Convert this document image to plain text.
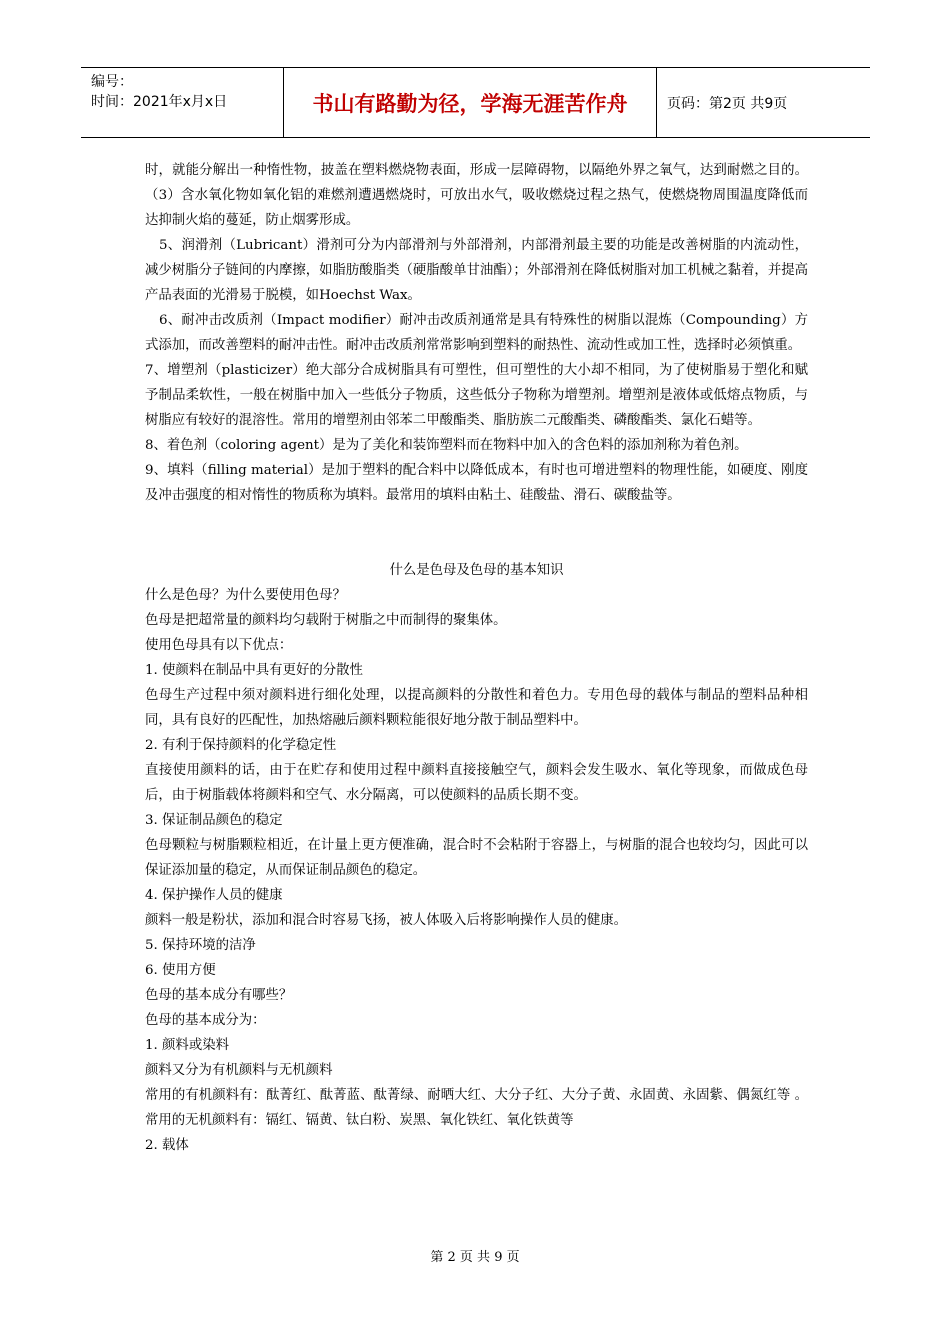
编号：
时间：2021年x月x日	书山有路勤为径，学海无涯苦作舟	页码：第2页 共9页

时，就能分解出一种惰性物，披盖在塑料燃烧物表面，形成一层障碍物，以隔绝外界之氧气，达到耐燃之目的。（3）含水氧化物如氧化铝的难燃剂遭遇燃烧时，可放出水气，吸收燃烧过程之热气，使燃烧物周围温度降低而达抑制火焰的蔓延，防止烟雾形成。

5、润滑剂（Lubricant）滑剂可分为内部滑剂与外部滑剂，内部滑剂最主要的功能是改善树脂的内流动性，减少树脂分子链间的内摩擦，如脂肪酸脂类（硬脂酸单甘油酯）；外部滑剂在降低树脂对加工机械之黏着，并提高产品表面的光滑易于脱模，如Hoechst Wax。

6、耐冲击改质剂（Impact modifier）耐冲击改质剂通常是具有特殊性的树脂以混炼（Compounding）方式添加，而改善塑料的耐冲击性。耐冲击改质剂常常影响到塑料的耐热性、流动性或加工性，选择时必须慎重。

7、增塑剂（plasticizer）绝大部分合成树脂具有可塑性，但可塑性的大小却不相同，为了使树脂易于塑化和赋予制品柔软性，一般在树脂中加入一些低分子物质，这些低分子物称为增塑剂。增塑剂是液体或低熔点物质，与树脂应有较好的混溶性。常用的增塑剂由邻苯二甲酸酯类、脂肪族二元酸酯类、磷酸酯类、氯化石蜡等。

8、着色剂（coloring agent）是为了美化和装饰塑料而在物料中加入的含色料的添加剂称为着色剂。

9、填料（filling material）是加于塑料的配合料中以降低成本，有时也可增进塑料的物理性能，如硬度、刚度及冲击强度的相对惰性的物质称为填料。最常用的填料由粘土、硅酸盐、滑石、碳酸盐等。

什么是色母及色母的基本知识

什么是色母？为什么要使用色母？

色母是把超常量的颜料均匀载附于树脂之中而制得的聚集体。

使用色母具有以下优点：

1. 使颜料在制品中具有更好的分散性

色母生产过程中须对颜料进行细化处理，以提高颜料的分散性和着色力。专用色母的载体与制品的塑料品种相同，具有良好的匹配性，加热熔融后颜料颗粒能很好地分散于制品塑料中。

2. 有利于保持颜料的化学稳定性

直接使用颜料的话，由于在贮存和使用过程中颜料直接接触空气，颜料会发生吸水、氧化等现象，而做成色母后，由于树脂载体将颜料和空气、水分隔离，可以使颜料的品质长期不变。

3. 保证制品颜色的稳定

色母颗粒与树脂颗粒相近，在计量上更方便准确，混合时不会粘附于容器上，与树脂的混合也较均匀，因此可以保证添加量的稳定，从而保证制品颜色的稳定。

4. 保护操作人员的健康

颜料一般是粉状，添加和混合时容易飞扬，被人体吸入后将影响操作人员的健康。

5. 保持环境的洁净

6. 使用方便

色母的基本成分有哪些？

色母的基本成分为：

1. 颜料或染料

颜料又分为有机颜料与无机颜料

常用的有机颜料有：酞菁红、酞菁蓝、酞菁绿、耐晒大红、大分子红、大分子黄、永固黄、永固紫、偶氮红等 。常用的无机颜料有：镉红、镉黄、钛白粉、炭黑、氧化铁红、氧化铁黄等

2. 载体

第 2 页 共 9 页
